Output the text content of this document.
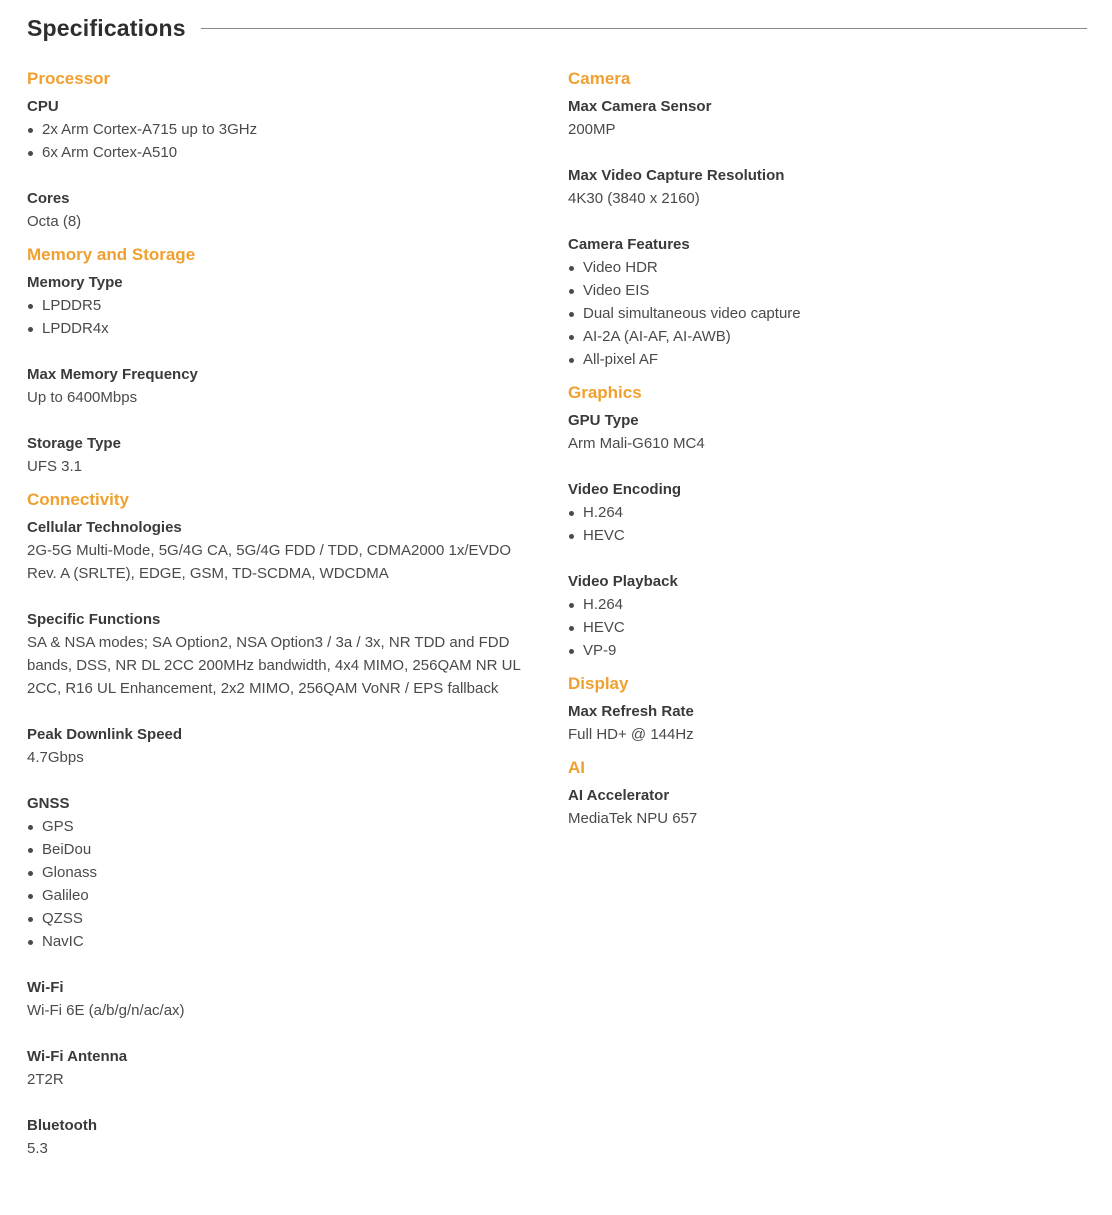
Specifications
Processor
CPU
2x Arm Cortex-A715 up to 3GHz
6x Arm Cortex-A510
Cores
Octa (8)
Memory and Storage
Memory Type
LPDDR5
LPDDR4x
Max Memory Frequency
Up to 6400Mbps
Storage Type
UFS 3.1
Connectivity
Cellular Technologies
2G-5G Multi-Mode, 5G/4G CA, 5G/4G FDD / TDD, CDMA2000 1x/EVDO Rev. A (SRLTE), EDGE, GSM, TD-SCDMA, WDCDMA
Specific Functions
SA & NSA modes; SA Option2, NSA Option3 / 3a / 3x, NR TDD and FDD bands, DSS, NR DL 2CC 200MHz bandwidth, 4x4 MIMO, 256QAM NR UL 2CC, R16 UL Enhancement, 2x2 MIMO, 256QAM VoNR / EPS fallback
Peak Downlink Speed
4.7Gbps
GNSS
GPS
BeiDou
Glonass
Galileo
QZSS
NavIC
Wi-Fi
Wi-Fi 6E (a/b/g/n/ac/ax)
Wi-Fi Antenna
2T2R
Bluetooth
5.3
Camera
Max Camera Sensor
200MP
Max Video Capture Resolution
4K30 (3840 x 2160)
Camera Features
Video HDR
Video EIS
Dual simultaneous video capture
AI-2A (AI-AF, AI-AWB)
All-pixel AF
Graphics
GPU Type
Arm Mali-G610 MC4
Video Encoding
H.264
HEVC
Video Playback
H.264
HEVC
VP-9
Display
Max Refresh Rate
Full HD+ @ 144Hz
AI
AI Accelerator
MediaTek NPU 657
